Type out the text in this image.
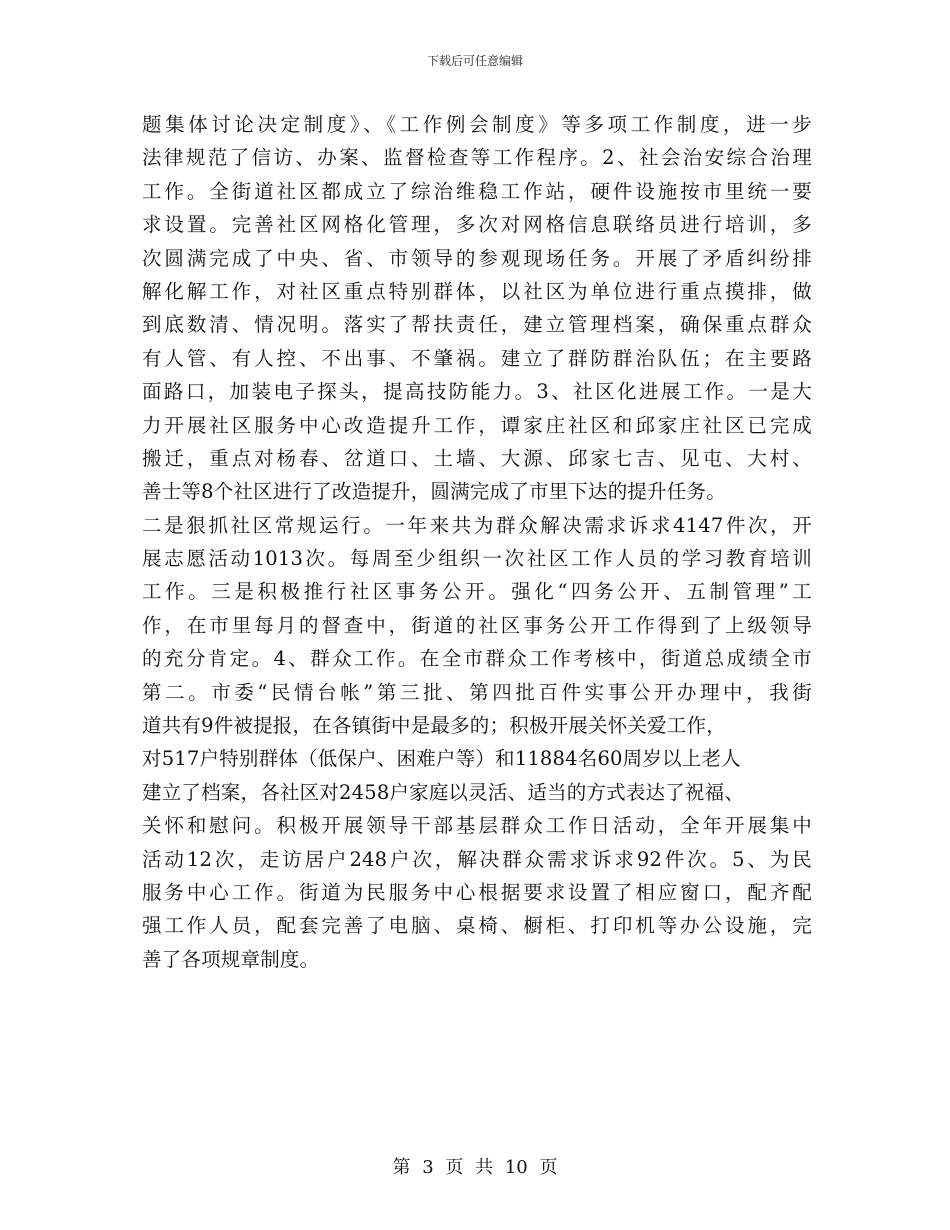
下载后可任意编辑
题集体讨论决定制度》、《工作例会制度》等多项工作制度，进一步
法律规范了信访、办案、监督检查等工作程序。2、社会治安综合治理
工作。全街道社区都成立了综治维稳工作站，硬件设施按市里统一要
求设置。完善社区网格化管理，多次对网格信息联络员进行培训，多
次圆满完成了中央、省、市领导的参观现场任务。开展了矛盾纠纷排
解化解工作，对社区重点特别群体，以社区为单位进行重点摸排，做
到底数清、情况明。落实了帮扶责任，建立管理档案，确保重点群众
有人管、有人控、不出事、不肇祸。建立了群防群治队伍；在主要路
面路口，加装电子探头，提高技防能力。3、社区化进展工作。一是大
力开展社区服务中心改造提升工作，谭家庄社区和邱家庄社区已完成
搬迁，重点对杨春、岔道口、土墙、大源、邱家七吉、见屯、大村、
善士等8个社区进行了改造提升，圆满完成了市里下达的提升任务。
二是狠抓社区常规运行。一年来共为群众解决需求诉求4147件次，开
展志愿活动1013次。每周至少组织一次社区工作人员的学习教育培训
工作。三是积极推行社区事务公开。强化“四务公开、五制管理”工
作，在市里每月的督查中，街道的社区事务公开工作得到了上级领导
的充分肯定。4、群众工作。在全市群众工作考核中，街道总成绩全市
第二。市委“民情台帐”第三批、第四批百件实事公开办理中，我街
道共有9件被提报，在各镇街中是最多的；积极开展关怀关爱工作，
对517户特别群体（低保户、困难户等）和11884名60周岁以上老人
建立了档案，各社区对2458户家庭以灵活、适当的方式表达了祝福、
关怀和慰问。积极开展领导干部基层群众工作日活动，全年开展集中
活动12次，走访居户248户次，解决群众需求诉求92件次。5、为民
服务中心工作。街道为民服务中心根据要求设置了相应窗口，配齐配
强工作人员，配套完善了电脑、桌椅、橱柜、打印机等办公设施，完
善了各项规章制度。
第 3 页 共 10 页
